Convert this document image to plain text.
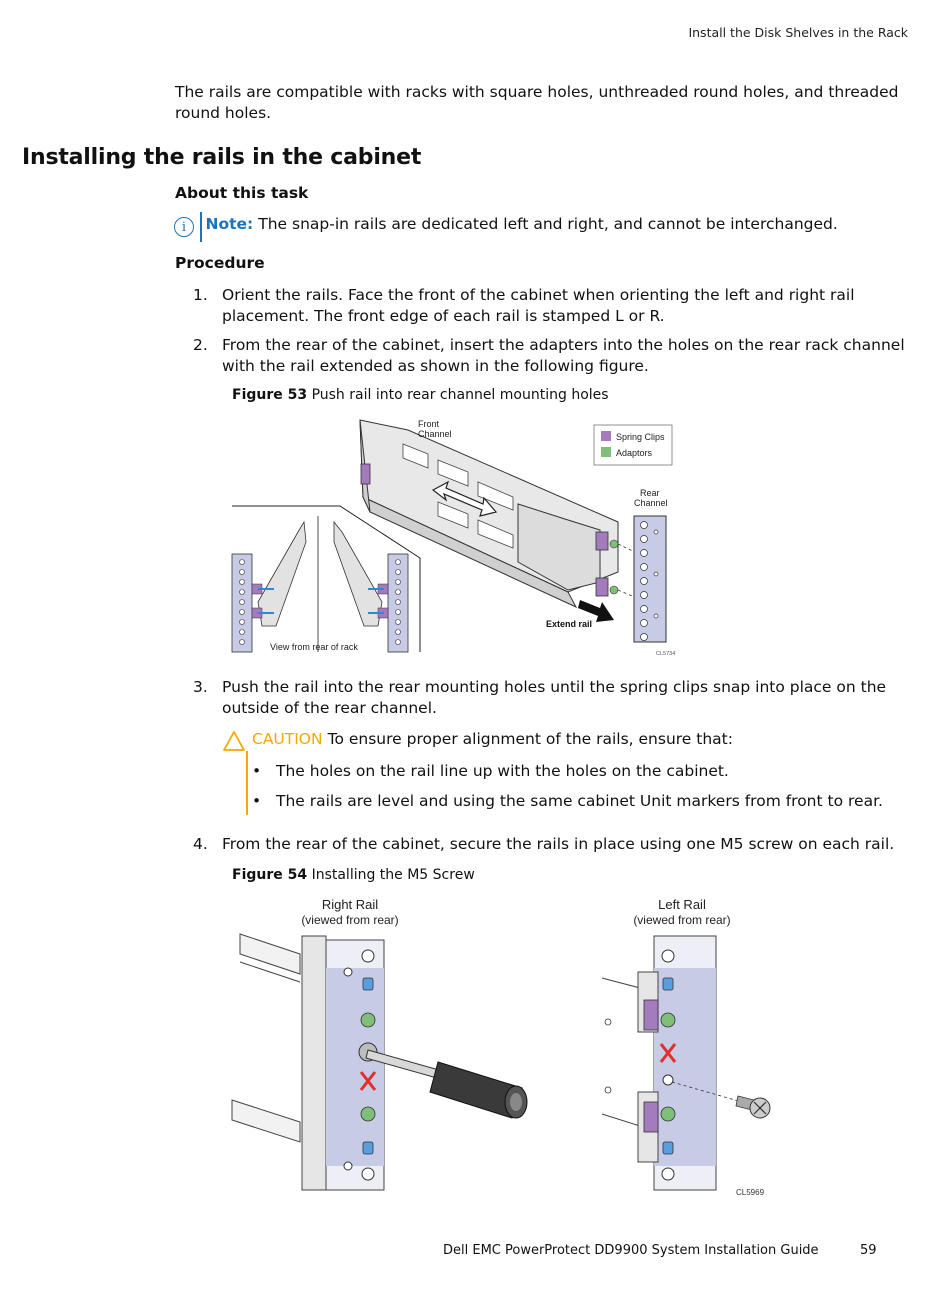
Install the Disk Shelves in the Rack
The rails are compatible with racks with square holes, unthreaded round holes, and threaded round holes.
Installing the rails in the cabinet
About this task
i	Note: The snap-in rails are dedicated left and right, and cannot be interchanged.
Procedure
1. Orient the rails. Face the front of the cabinet when orienting the left and right rail placement. The front edge of each rail is stamped L or R.
2. From the rear of the cabinet, insert the adapters into the holes on the rear rack channel with the rail extended as shown in the following figure.
Figure 53 Push rail into rear channel mounting holes
Extend rail
Front
Channel
Rear
Channel
Spring Clips
Adaptors
View from rear of rack
CL5734
3. Push the rail into the rear mounting holes until the spring clips snap into place on the outside of the rear channel.
CAUTION To ensure proper alignment of the rails, ensure that:
• The holes on the rail line up with the holes on the cabinet.
• The rails are level and using the same cabinet Unit markers from front to rear.
4. From the rear of the cabinet, secure the rails in place using one M5 screw on each rail.
Figure 54 Installing the M5 Screw
Right Rail
(viewed from rear)
Left Rail
(viewed from rear)
CL5969
Dell EMC PowerProtect DD9900 System Installation Guide	59
